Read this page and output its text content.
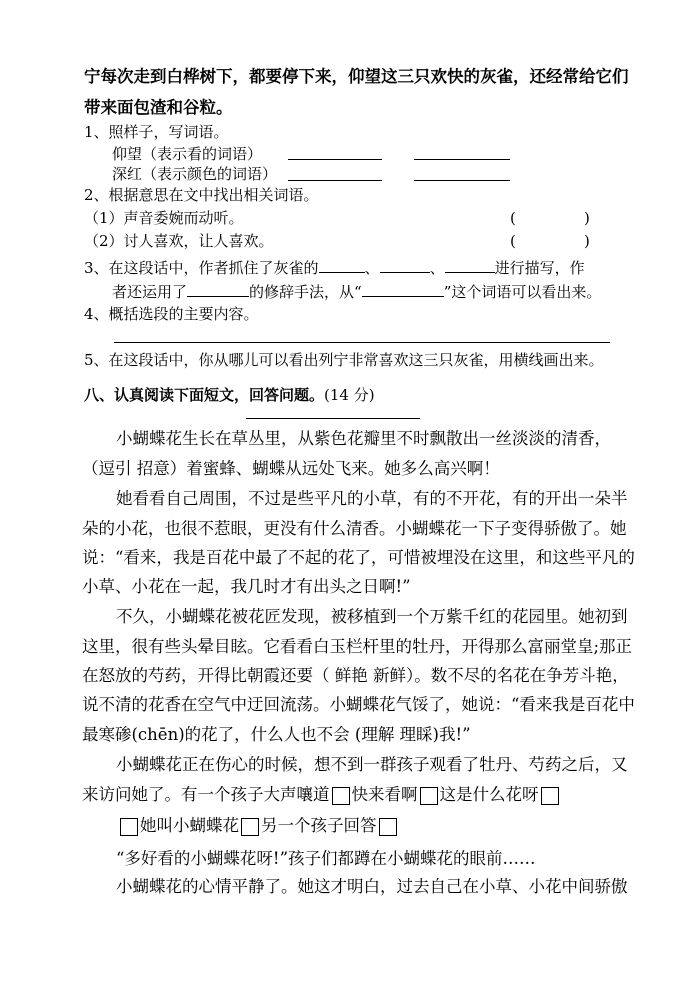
宁每次走到白桦树下，都要停下来，仰望这三只欢快的灰雀，还经常给它们
带来面包渣和谷粒。
1、照样子，写词语。
仰望（表示看的词语）
深红（表示颜色的词语）
2、根据意思在文中找出相关词语。
（1）声音委婉而动听。	(	)
（2）讨人喜欢，让人喜欢。	(	)
3、在这段话中，作者抓住了灰雀的	、	、	进行描写，作
者还运用了	的修辞手法，从“	”这个词语可以看出来。
4、概括选段的主要内容。
5、在这段话中，你从哪儿可以看出列宁非常喜欢这三只灰雀，用横线画出来。
八、认真阅读下面短文，回答问题。(14 分)
小蝴蝶花生长在草丛里，从紫色花瓣里不时飘散出一丝淡淡的清香，
（逗引 招意）着蜜蜂、蝴蝶从远处飞来。她多么高兴啊！
她看看自己周围，不过是些平凡的小草，有的不开花，有的开出一朵半
朵的小花，也很不惹眼，更没有什么清香。小蝴蝶花一下子变得骄傲了。她
说：“看来，我是百花中最了不起的花了，可惜被埋没在这里，和这些平凡的
小草、小花在一起，我几时才有出头之日啊!”
不久，小蝴蝶花被花匠发现，被移植到一个万紫千红的花园里。她初到
这里，很有些头晕目眩。它看看白玉栏杆里的牡丹，开得那么富丽堂皇;那正
在怒放的芍药，开得比朝霞还要（ 鲜艳 新鲜）。数不尽的名花在争芳斗艳，
说不清的花香在空气中迂回流荡。小蝴蝶花气馁了，她说：“看来我是百花中
最寒碜(chēn)的花了，什么人也不会 (理解 理睬)我!”
小蝴蝶花正在伤心的时候，想不到一群孩子观看了牡丹、芍药之后，又
来访问她了。有一个孩子大声嚷道 快来看啊 这是什么花呀
她叫小蝴蝶花 另一个孩子回答
“多好看的小蝴蝶花呀!”孩子们都蹲在小蝴蝶花的眼前……
小蝴蝶花的心情平静了。她这才明白，过去自己在小草、小花中间骄傲
